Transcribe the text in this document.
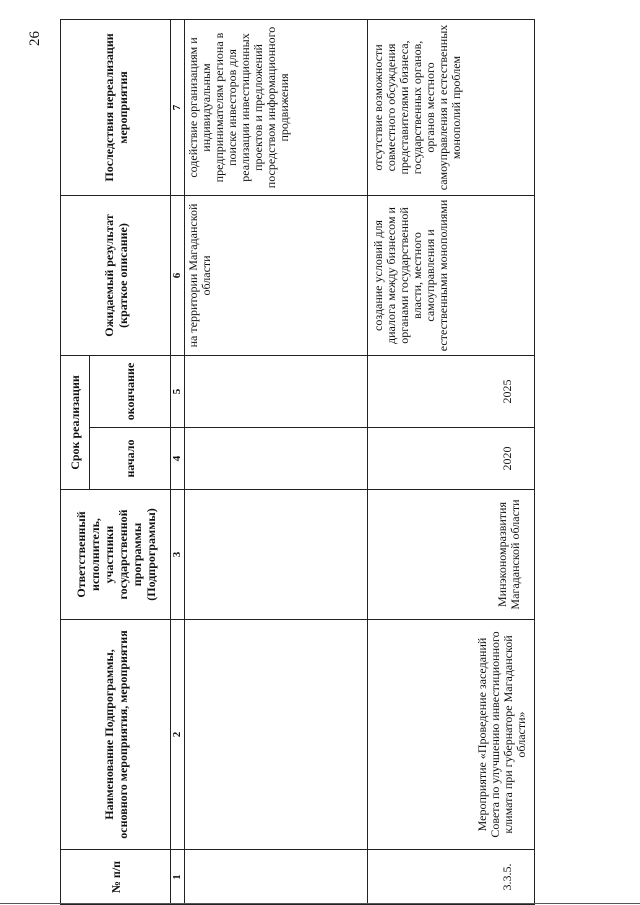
26
№ п/п	Наименование Подпрограммы, основного мероприятия, мероприятия	Ответственный исполнитель, участники государственной программы (Подпрограммы)	Срок реализации		Ожидаемый результат (краткое описание)	Последствия нереализации мероприятия
			начало	окончание		
1	2	3	4	5	6	7
					на территории Магаданской области	содействие организациям и индивидуальным предпринимателям региона в поиске инвесторов для реализации инвестиционных проектов и предложений посредством информационного продвижения
3.3.5.	Мероприятие «Проведение заседаний Совета по улучшению инвестиционного климата при губернаторе Магаданской области»	Минэкономразвития Магаданской области	2020	2025	создание условий для диалога между бизнесом и органами государственной власти, местного самоуправления и естественными монополиями	отсутствие возможности совместного обсуждения представителями бизнеса, государственных органов, органов местного самоуправления и естественных монополий проблем
